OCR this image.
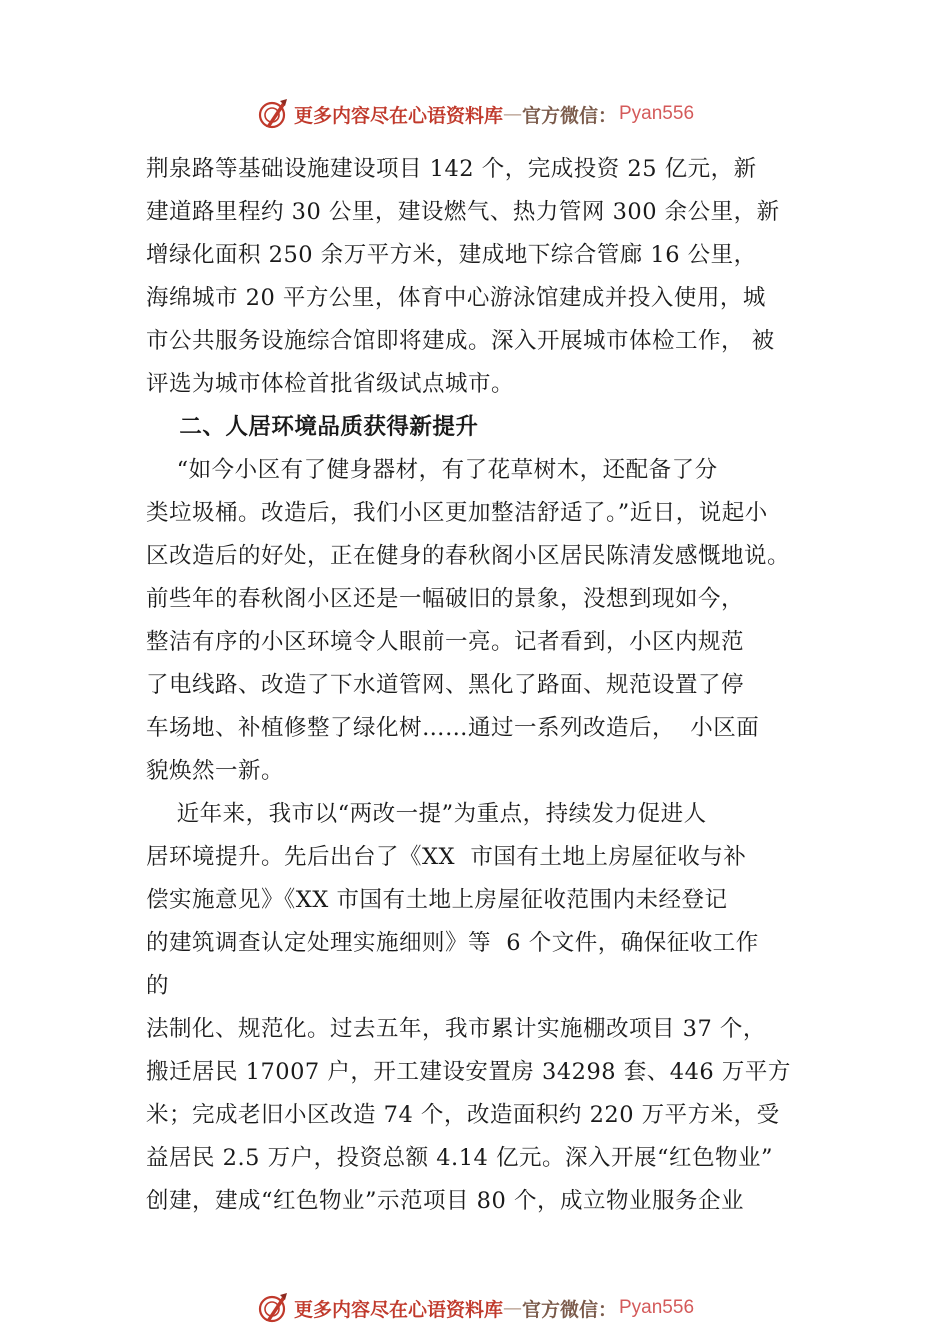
更多内容尽在心语资料库 — 官方微信： Pyan556
荆泉路等基础设施建设项目 142 个，完成投资 25 亿元，新
建道路里程约 30 公里，建设燃气、热力管网 300 余公里，新
增绿化面积 250 余万平方米，建成地下综合管廊 16 公里，
海绵城市 20 平方公里，体育中心游泳馆建成并投入使用，城
市公共服务设施综合馆即将建成。深入开展城市体检工作， 被
评选为城市体检首批省级试点城市。
二、人居环境品质获得新提升
“如今小区有了健身器材，有了花草树木，还配备了分
类垃圾桶。改造后，我们小区更加整洁舒适了。”近日，说起小
区改造后的好处，正在健身的春秋阁小区居民陈清发感慨地说。
前些年的春秋阁小区还是一幅破旧的景象，没想到现如今，
整洁有序的小区环境令人眼前一亮。记者看到，小区内规范
了电线路、改造了下水道管网、黑化了路面、规范设置了停
车场地、补植修整了绿化树……通过一系列改造后，  小区面
貌焕然一新。
近年来，我市以“两改一提”为重点，持续发力促进人
居环境提升。先后出台了《XX  市国有土地上房屋征收与补
偿实施意见》《XX 市国有土地上房屋征收范围内未经登记
的建筑调查认定处理实施细则》等  6 个文件，确保征收工作
的
法制化、规范化。过去五年，我市累计实施棚改项目 37 个，
搬迁居民 17007 户，开工建设安置房 34298 套、446 万平方
米；完成老旧小区改造 74 个，改造面积约 220 万平方米，受
益居民 2.5 万户，投资总额 4.14 亿元。深入开展“红色物业”
创建，建成“红色物业”示范项目 80 个，成立物业服务企业
更多内容尽在心语资料库 — 官方微信： Pyan556
